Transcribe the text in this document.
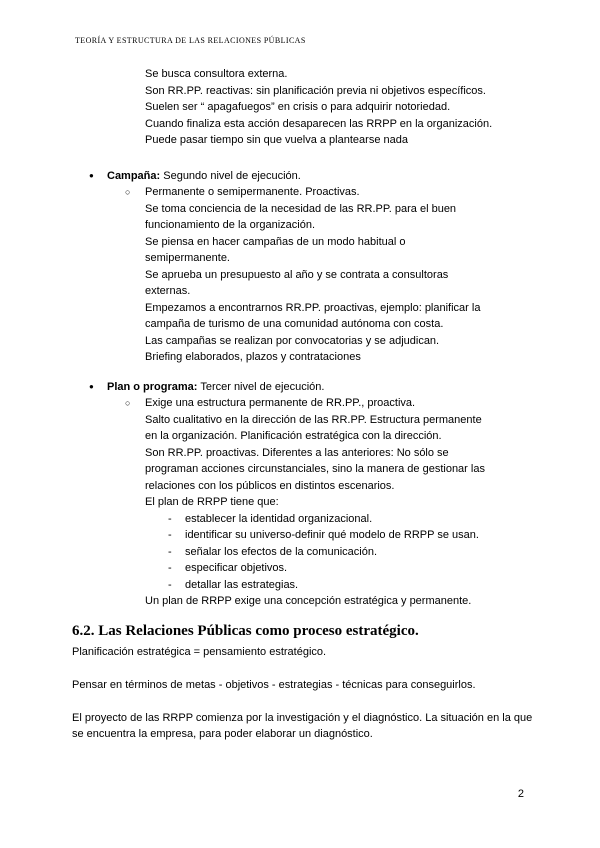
TEORÍA Y ESTRUCTURA DE LAS RELACIONES PÚBLICAS
Se busca consultora externa.
Son RR.PP. reactivas: sin planificación previa ni objetivos específicos.
Suelen ser “ apagafuegos” en crisis o para adquirir notoriedad.
Cuando finaliza esta acción desaparecen las RRPP en la organización.
Puede pasar tiempo sin que vuelva a plantearse nada
● Campaña: Segundo nivel de ejecución.
○ Permanente o semipermanente. Proactivas.
Se toma conciencia de la necesidad de las RR.PP. para el buen
funcionamiento de la organización.
Se piensa en hacer campañas de un modo habitual o
semipermanente.
Se aprueba un presupuesto al año y se contrata a consultoras
externas.
Empezamos a encontrarnos RR.PP. proactivas, ejemplo: planificar la
campaña de turismo de una comunidad autónoma con costa.
Las campañas se realizan por convocatorias y se adjudican.
Briefing elaborados, plazos y contrataciones
● Plan o programa: Tercer nivel de ejecución.
○ Exige una estructura permanente de RR.PP., proactiva.
Salto cualitativo en la dirección de las RR.PP. Estructura permanente
en la organización. Planificación estratégica con la dirección.
Son RR.PP. proactivas. Diferentes a las anteriores: No sólo se
programan acciones circunstanciales, sino la manera de gestionar las
relaciones con los públicos en distintos escenarios.
El plan de RRPP tiene que:
- establecer la identidad organizacional.
- identificar su universo-definir qué modelo de RRPP se usan.
- señalar los efectos de la comunicación.
- especificar objetivos.
- detallar las estrategias.
Un plan de RRPP exige una concepción estratégica y permanente.
6.2. Las Relaciones Públicas como proceso estratégico.

Planificación estratégica = pensamiento estratégico.

Pensar en términos de metas - objetivos - estrategias - técnicas para conseguirlos.

El proyecto de las RRPP comienza por la investigación y el diagnóstico. La situación en la que se encuentra la empresa, para poder elaborar un diagnóstico.

2
